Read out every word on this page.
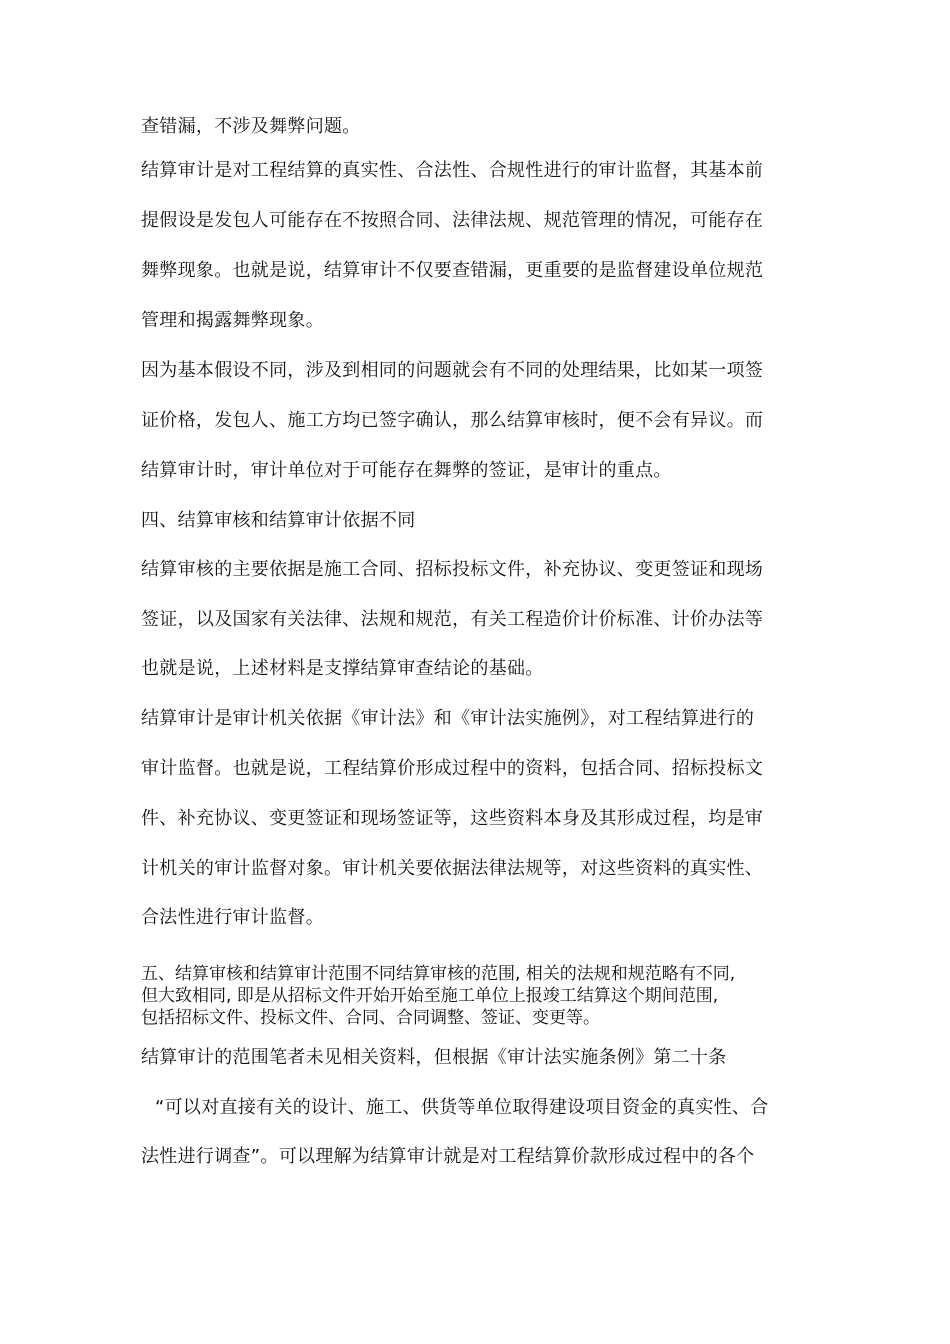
查错漏，不涉及舞弊问题。
结算审计是对工程结算的真实性、合法性、合规性进行的审计监督，其基本前
提假设是发包人可能存在不按照合同、法律法规、规范管理的情况，可能存在
舞弊现象。也就是说，结算审计不仅要查错漏，更重要的是监督建设单位规范
管理和揭露舞弊现象。
因为基本假设不同，涉及到相同的问题就会有不同的处理结果，比如某一项签
证价格，发包人、施工方均已签字确认，那么结算审核时，便不会有异议。而
结算审计时，审计单位对于可能存在舞弊的签证，是审计的重点。
四、结算审核和结算审计依据不同
结算审核的主要依据是施工合同、招标投标文件，补充协议、变更签证和现场
签证，以及国家有关法律、法规和规范，有关工程造价计价标准、计价办法等
也就是说，上述材料是支撑结算审查结论的基础。
结算审计是审计机关依据《审计法》和《审计法实施例》，对工程结算进行的
审计监督。也就是说，工程结算价形成过程中的资料，包括合同、招标投标文
件、补充协议、变更签证和现场签证等，这些资料本身及其形成过程，均是审
计机关的审计监督对象。审计机关要依据法律法规等，对这些资料的真实性、
合法性进行审计监督。
五、结算审核和结算审计范围不同结算审核的范围, 相关的法规和规范略有不同,
但大致相同, 即是从招标文件开始开始至施工单位上报竣工结算这个期间范围,
包括招标文件、投标文件、合同、合同调整、签证、变更等。
结算审计的范围笔者未见相关资料，但根据《审计法实施条例》第二十条
“可以对直接有关的设计、施工、供货等单位取得建设项目资金的真实性、合
法性进行调查”。可以理解为结算审计就是对工程结算价款形成过程中的各个
